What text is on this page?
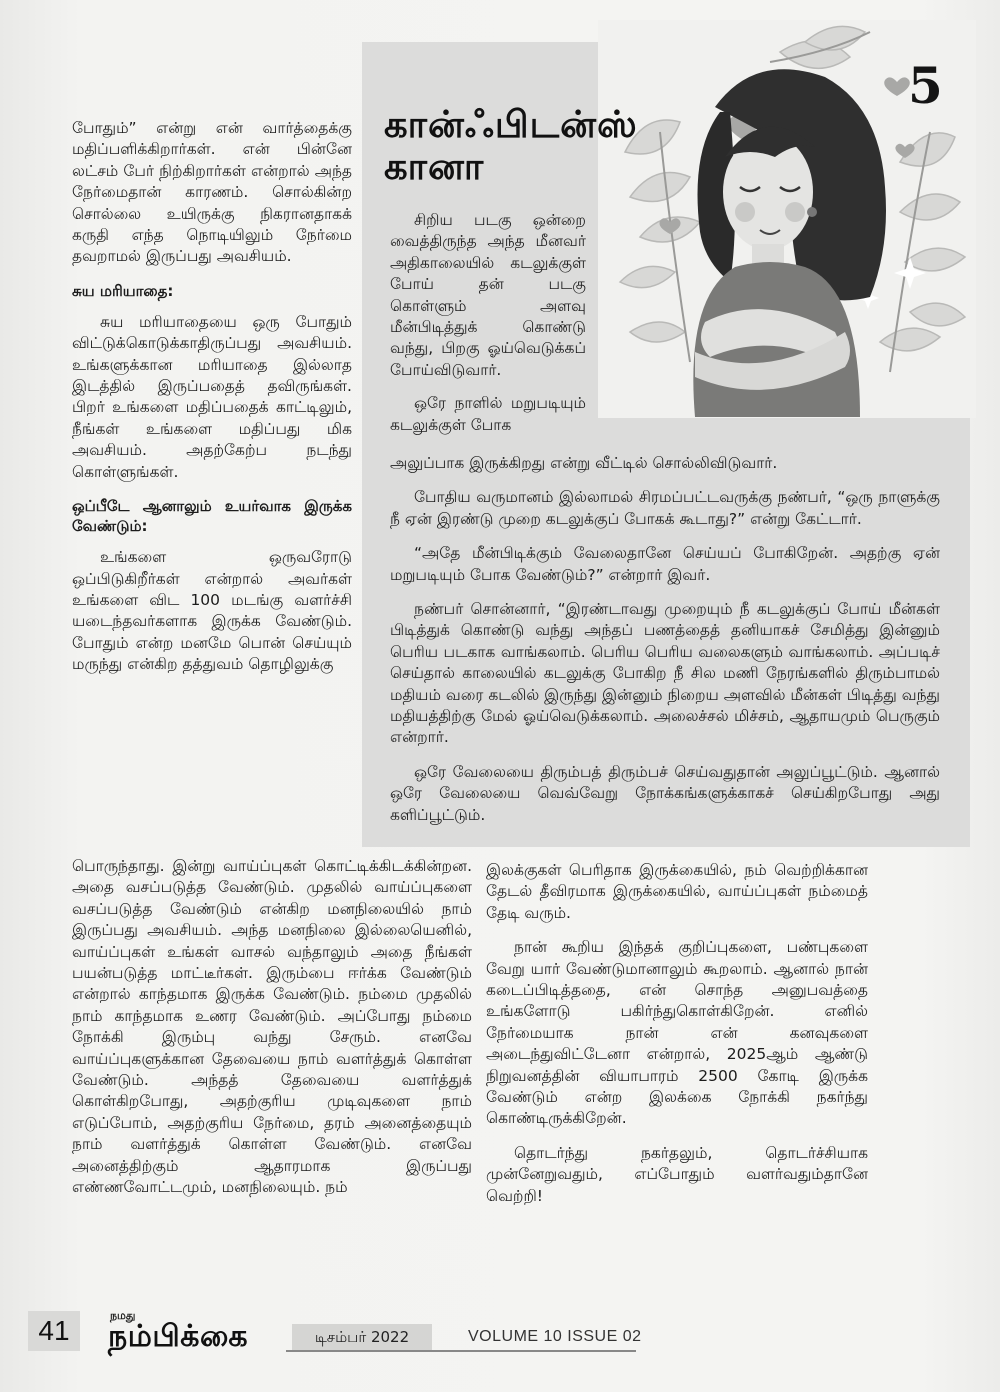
5
கான்ஃபிடன்ஸ் கானா

சிறிய படகு ஒன்றை வைத்திருந்த அந்த மீனவர் அதிகாலையில் கடலுக்குள் போய் தன் படகு கொள்ளும் அளவு மீன்பிடித்துக் கொண்டு வந்து, பிறகு ஓய்வெடுக்கப் போய்விடுவார்.

ஒரே நாளில் மறுபடியும் கடலுக்குள் போக

அலுப்பாக இருக்கிறது என்று வீட்டில் சொல்லிவிடுவார்.

போதிய வருமானம் இல்லாமல் சிரமப்பட்டவருக்கு நண்பர், “ஒரு நாளுக்கு நீ ஏன் இரண்டு முறை கடலுக்குப் போகக் கூடாது?” என்று கேட்டார்.

“அதே மீன்பிடிக்கும் வேலைதானே செய்யப் போகிறேன். அதற்கு ஏன் மறுபடியும் போக வேண்டும்?” என்றார் இவர்.

நண்பர் சொன்னார், “இரண்டாவது முறையும் நீ கடலுக்குப் போய் மீன்கள் பிடித்துக் கொண்டு வந்து அந்தப் பணத்தைத் தனியாகச் சேமித்து இன்னும் பெரிய படகாக வாங்கலாம். பெரிய பெரிய வலைகளும் வாங்கலாம். அப்படிச் செய்தால் காலையில் கடலுக்கு போகிற நீ சில மணி நேரங்களில் திரும்பாமல் மதியம் வரை கடலில் இருந்து இன்னும் நிறைய அளவில் மீன்கள் பிடித்து வந்து மதியத்திற்கு மேல் ஓய்வெடுக்கலாம். அலைச்சல் மிச்சம், ஆதாயமும் பெருகும் என்றார்.

ஒரே வேலையை திரும்பத் திரும்பச் செய்வதுதான் அலுப்பூட்டும். ஆனால் ஒரே வேலையை வெவ்வேறு நோக்கங்களுக்காகச் செய்கிறபோது அது களிப்பூட்டும்.

போதும்” என்று என் வார்த்தைக்கு மதிப்பளிக்கிறார்கள். என் பின்னே லட்சம் பேர் நிற்கிறார்கள் என்றால் அந்த நேர்மைதான் காரணம். சொல்கின்ற சொல்லை உயிருக்கு நிகரானதாகக் கருதி எந்த நொடியிலும் நேர்மை தவறாமல் இருப்பது அவசியம்.

சுய மரியாதை:

சுய மரியாதையை ஒரு போதும் விட்டுக்கொடுக்காதிருப்பது அவசியம். உங்களுக்கான மரியாதை இல்லாத இடத்தில் இருப்பதைத் தவிருங்கள். பிறர் உங்களை மதிப்பதைக் காட்டிலும், நீங்கள் உங்களை மதிப்பது மிக அவசியம். அதற்கேற்ப நடந்து கொள்ளுங்கள்.

ஒப்பீடே ஆனாலும் உயர்வாக இருக்க வேண்டும்:

உங்களை ஒருவரோடு ஒப்பிடுகிறீர்கள் என்றால் அவர்கள் உங்களை விட 100 மடங்கு வளர்ச்சி யடைந்தவர்களாக இருக்க வேண்டும். போதும் என்ற மனமே பொன் செய்யும் மருந்து என்கிற தத்துவம் தொழிலுக்கு

பொருந்தாது. இன்று வாய்ப்புகள் கொட்டிக்கிடக்கின்றன. அதை வசப்படுத்த வேண்டும். முதலில் வாய்ப்புகளை வசப்படுத்த வேண்டும் என்கிற மனநிலையில் நாம் இருப்பது அவசியம். அந்த மனநிலை இல்லையெனில், வாய்ப்புகள் உங்கள் வாசல் வந்தாலும் அதை நீங்கள் பயன்படுத்த மாட்டீர்கள். இரும்பை ஈர்க்க வேண்டும் என்றால் காந்தமாக இருக்க வேண்டும். நம்மை முதலில் நாம் காந்தமாக உணர வேண்டும். அப்போது நம்மை நோக்கி இரும்பு வந்து சேரும். எனவே வாய்ப்புகளுக்கான தேவையை நாம் வளர்த்துக் கொள்ள வேண்டும். அந்தத் தேவையை வளர்த்துக் கொள்கிறபோது, அதற்குரிய முடிவுகளை நாம் எடுப்போம், அதற்குரிய நேர்மை, தரம் அனைத்தையும் நாம் வளர்த்துக் கொள்ள வேண்டும். எனவே அனைத்திற்கும் ஆதாரமாக இருப்பது எண்ணவோட்டமும், மனநிலையும். நம்

இலக்குகள் பெரிதாக இருக்கையில், நம் வெற்றிக்கான தேடல் தீவிரமாக இருக்கையில், வாய்ப்புகள் நம்மைத் தேடி வரும்.

நான் கூறிய இந்தக் குறிப்புகளை, பண்புகளை வேறு யார் வேண்டுமானாலும் கூறலாம். ஆனால் நான் கடைப்பிடித்ததை, என் சொந்த அனுபவத்தை உங்களோடு பகிர்ந்துகொள்கிறேன். எனில் நேர்மையாக நான் என் கனவுகளை அடைந்துவிட்டேனா என்றால், 2025ஆம் ஆண்டு நிறுவனத்தின் வியாபாரம் 2500 கோடி இருக்க வேண்டும் என்ற இலக்கை நோக்கி நகர்ந்து கொண்டிருக்கிறேன்.

தொடர்ந்து நகர்தலும், தொடர்ச்சியாக முன்னேறுவதும், எப்போதும் வளர்வதும்தானே வெற்றி!

41	நமது
நம்பிக்கை	டிசம்பர் 2022	VOLUME 10 ISSUE 02
